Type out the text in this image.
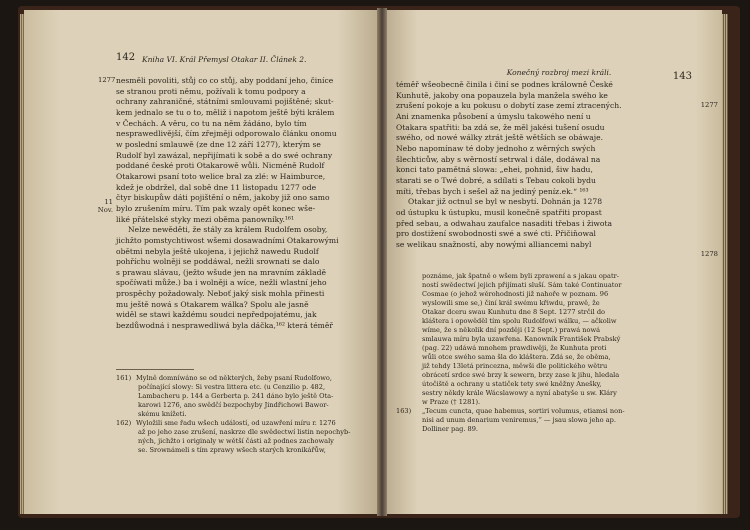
142 Kniha VI. Král Přemysl Otakar II. Článek 2.
1277
11
Nov.
nesměli povoliti, stůj co co stůj, aby poddaní jeho, činíce
se stranou proti němu, požívali k tomu podpory a
ochrany zahraničné, státními smlouvami pojištěné; skut-
kem jednalo se tu o to, měliž i napotom ještě býti králem
v Čechách. A věru, co tu na něm žádáno, bylo tím
nesprawedlivější, čím zřejměji odporowalo článku onomu
w poslední smlauwě (ze dne 12 září 1277), kterým se
Rudolf byl zawázal, nepřijímati k sobě a do swé ochrany
poddané české proti Otakarowě wůli. Nicméně Rudolf
Otakarowi psaní toto welice bral za zlé: w Haimburce,
kdež je obdržel, dal sobě dne 11 listopadu 1277 ode
čtyr biskupůw dáti pojištění o něm, jakoby již ono samo
bylo zrušením míru. Tím pak wzaly opět konec wše-
liké přátelské styky mezi oběma panowníky.¹⁶¹
Nelze newěděti, že stály za králem Rudolfem osoby,
jichžto pomstychtiwost wšemi dosawadními Otakarowými
obětmi nebyla ještě ukojena, i jejichž nawedu Rudolf
pohříchu wolněji se poddáwal, nežli srownati se dalo
s prawau slávau, (ježto wšude jen na mravním základě
spočíwati může.) ba i wolněji a wíce, nežli wlastní jeho
prospěchy požadowaly. Neboť jaký sisk mohla přinesti
mu ještě nowá s Otakarem wálka? Spolu ale jasně
widěl se stawi každému soudci nepředpojatému, jak
bezdůwodná i nesprawedliwá byla dáčka,¹⁶² která téměř
161) Mylně domníwáno se od některých, žeby psaní Rudolfowo,
počínající slowy: Si vestra littera etc. (u Cenzilio p. 482,
Lambacheru p. 144 a Gerberta p. 241 dáno bylo ještě Ota-
karowi 1276, ano swědčí bezpochyby Jindřichowi Bawor-
skému knížeti.
162) Wyložili sme řadu wšech událostí, od uzawření míru r. 1276
až po jeho zase zrušení, naskrze dle swědectwí listin nepochyb-
ných, jichžto i originaly w wětší části až podnes zachowaly
se. Srownámeli s tím zprawy wšech starých kronikářůw,
Konečný rozbroj mezi králi.	143
1277
1278
téměř wšeobecně činila i činí se podnes králowně České
Kunhutě, jakoby ona popauzela byla manžela swého ke
zrušení pokoje a ku pokusu o dobytí zase zemí ztracených.
Ani znamenka působení a úmyslu takowého není u
Otakara spatřiti: ba zdá se, že měl jakési tušení osudu
swého, od nowé wálky ztrát ještě wětších se obáwaje.
Nebo napomínaw té doby jednoho z wěrných swých
šlechticůw, aby s wěrností setrwal i dále, dodáwal na
konci tato pamětná slowa: „ehei, pohnid, šiw hadu,
starati se o Twé dobré, a sdílati s Tebau cokoli bydu
míti, třebas bych i sešel až na jediný peníz.ek.“ ¹⁶³
Otakar již octnul se byl w nesbytí. Dohnán ja 1278
od ústupku k ústupku, musil konečně spatřiti propast
před sebau, a odwahau zaufalce nasaditi třebas i žiwota
pro dostižení swobodnosti swé a swé cti. Přičiňowal
se welikau snažností, aby nowými alliancemi nabyl
poznáme, jak špatně o wšem byli zprawení a s jakau opatr-
ností swědectwí jejich přijímati sluší. Sám také Continuator
Cosmae (o jehož wěrohodnosti již nahoře w poznam. 96
wyslowili sme se,) činí král swému křiwdu, prawě, že
Otakar dceru swau Kunhutu dne 8 Sept. 1277 strčil do
kláštera i opowěděl tím spolu Rudolfowi wálku, — ačkoliw
wíme, že s několik dní později (12 Sept.) prawá nowá
smlauwa míru byla uzawřena. Kanowník František Prabský
(pag. 22) udáwá mnohem prawdiwěji, že Kunhuta proti
wůli otce swého sama šla do kláštera. Zdá se, že oběma,
již tehdy 13letá princezna, měwši dle politického wětru
obrácetí srdce swé brzy k sewern, brzy zase k jihu, hledala
útočiště a ochrany u statiček tety swé kněžny Anešky,
sestry někdy krále Wácslawowy a nyní abatyše u sw. Kláry
w Praze († 1281).
163) „Tecum cuncta, quae habemus, sortiri volumus, etiamsi non-
nisi ad unum denarium veniremus,“ — jsau slowa jeho ap.
Dolliner pag. 89.
